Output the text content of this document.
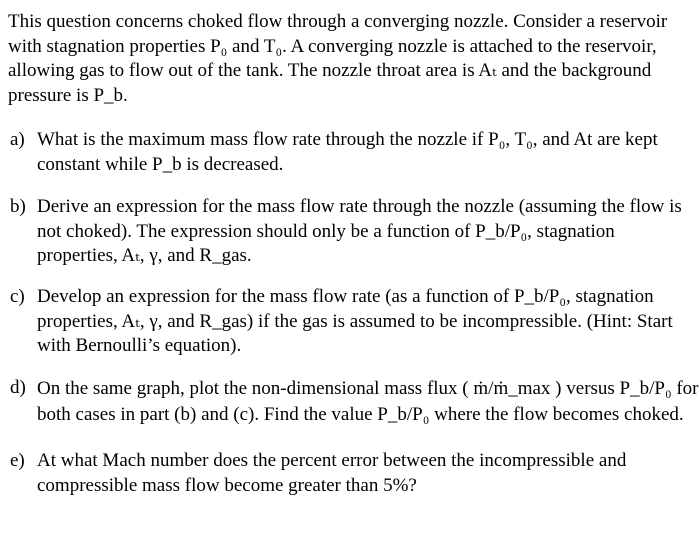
This question concerns choked flow through a converging nozzle. Consider a reservoir
with stagnation properties P₀ and T₀. A converging nozzle is attached to the reservoir,
allowing gas to flow out of the tank. The nozzle throat area is Aₜ and the background
pressure is P_b.
a) What is the maximum mass flow rate through the nozzle if P₀, T₀, and At are kept
constant while P_b is decreased.
b) Derive an expression for the mass flow rate through the nozzle (assuming the flow is
not choked). The expression should only be a function of P_b/P₀, stagnation
properties, Aₜ, γ, and R_gas.
c) Develop an expression for the mass flow rate (as a function of P_b/P₀, stagnation
properties, Aₜ, γ, and R_gas) if the gas is assumed to be incompressible. (Hint: Start
with Bernoulli’s equation).
d) On the same graph, plot the non-dimensional mass flux ( ṁ/ṁ_max ) versus P_b/P₀ for
both cases in part (b) and (c). Find the value P_b/P₀ where the flow becomes choked.
e) At what Mach number does the percent error between the incompressible and
compressible mass flow become greater than 5%?
